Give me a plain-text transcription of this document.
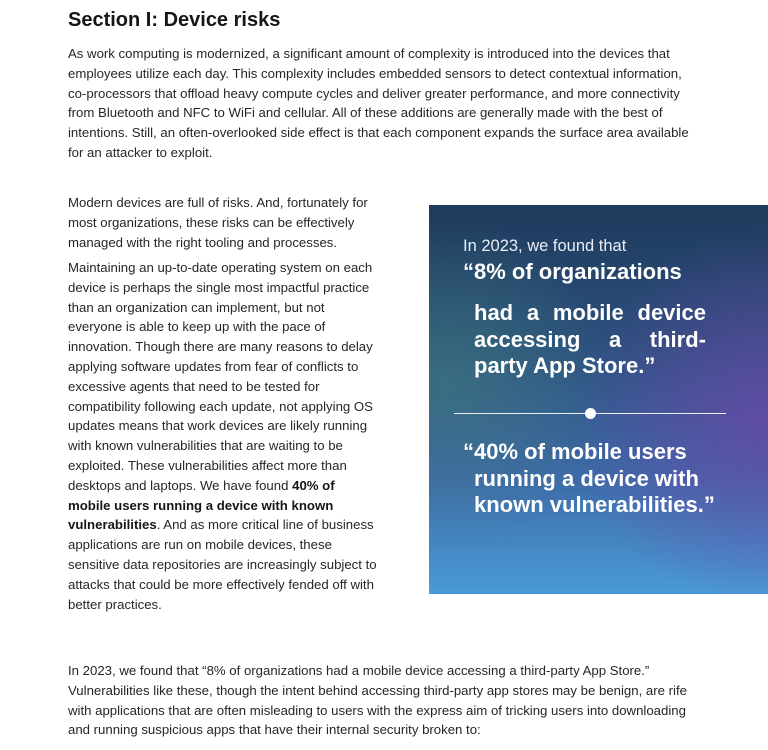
Section I: Device risks

As work computing is modernized, a significant amount of complexity is introduced into the devices that employees utilize each day. This complexity includes embedded sensors to detect contextual information, co-processors that offload heavy compute cycles and deliver greater performance, and more connectivity from Bluetooth and NFC to WiFi and cellular. All of these additions are generally made with the best of intentions. Still, an often-overlooked side effect is that each component expands the surface area available for an attacker to exploit.

Modern devices are full of risks. And, fortunately for most organizations, these risks can be effectively managed with the right tooling and processes.

Maintaining an up-to-date operating system on each device is perhaps the single most impactful practice than an organization can implement, but not everyone is able to keep up with the pace of innovation. Though there are many reasons to delay applying software updates from fear of conflicts to excessive agents that need to be tested for compatibility following each update, not applying OS updates means that work devices are likely running with known vulnerabilities that are waiting to be exploited. These vulnerabilities affect more than desktops and laptops. We have found 40% of mobile users running a device with known vulnerabilities. And as more critical line of business applications are run on mobile devices, these sensitive data repositories are increasingly subject to attacks that could be more effectively fended off with better practices.

In 2023, we found that

“8% of organizations

had a mobile device accessing a third-party App Store.”

“40% of mobile users running a device with known vulnerabilities.”

In 2023, we found that “8% of organizations had a mobile device accessing a third-party App Store.” Vulnerabilities like these, though the intent behind accessing third-party app stores may be benign, are rife with applications that are often misleading to users with the express aim of tricking users into downloading and running suspicious apps that have their internal security broken to:
